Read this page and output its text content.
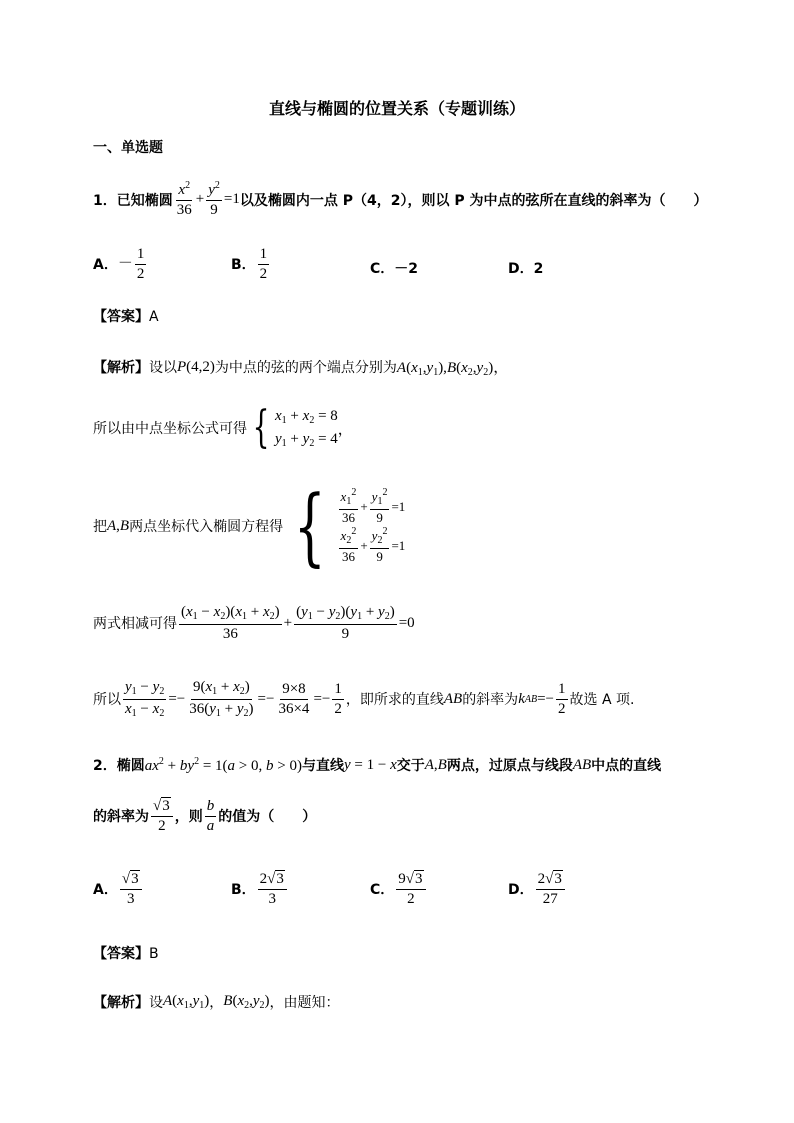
直线与椭圆的位置关系（专题训练）
一、单选题
1． 已知椭圆 $\frac{x^2}{36} + \frac{y^2}{9} =1$ 以及椭圆内一点 P（4，2），则以 P 为中点的弦所在直线的斜率为（　　）
A． － $\frac{1}{2}$	B． $\frac{1}{2}$	C．－2	D．2
【答案】A
【解析】 设以 P(4,2) 为中点的弦的两个端点分别为 $A(x_1,y_1),B(x_2,y_2)$，
所以由中点坐标公式可得 { $x_1 + x_2 = 8$
$y_1 + y_2 = 4$
，
把 A , B 两点坐标代入椭圆方程得 { $\frac{x_1^2}{36} + \frac{y_1^2}{9} =1$
$\frac{x_2^2}{36} + \frac{y_2^2}{9} =1$
两式相减可得 $\frac{(x_1 - x_2)(x_1 + x_2)}{36} + \frac{(y_1 - y_2)(y_1 + y_2)}{9} =0$
所以 $\frac{y_1 - y_2}{x_1 - x_2} =- \frac{9(x_1 + x_2)}{36(y_1 + y_2)} =- \frac{9\times 8}{36\times 4} =- \frac{1}{2}$ ，即所求的直线 AB 的斜率为 k AB =− $\frac{1}{2}$ 故选 A 项.
2． 椭圆 $ax^2 + by^2 = 1(a > 0$, b > 0) 与直线 y = 1 − x 交于 A,B 两点，过原点与线段 AB 中点的直线
的斜率为 $\frac{√3}{2}$ ，则 $\frac{b}{a}$ 的值为（　　）
A． $\frac{√3}{3}$	B． $\frac{2√3}{3}$	C． $\frac{9√3}{2}$	D． $\frac{2√3}{27}$
【答案】B
【解析】 设 $A(x_1,y_1)$ ， $B(x_2,y_2)$ ，由题知：
